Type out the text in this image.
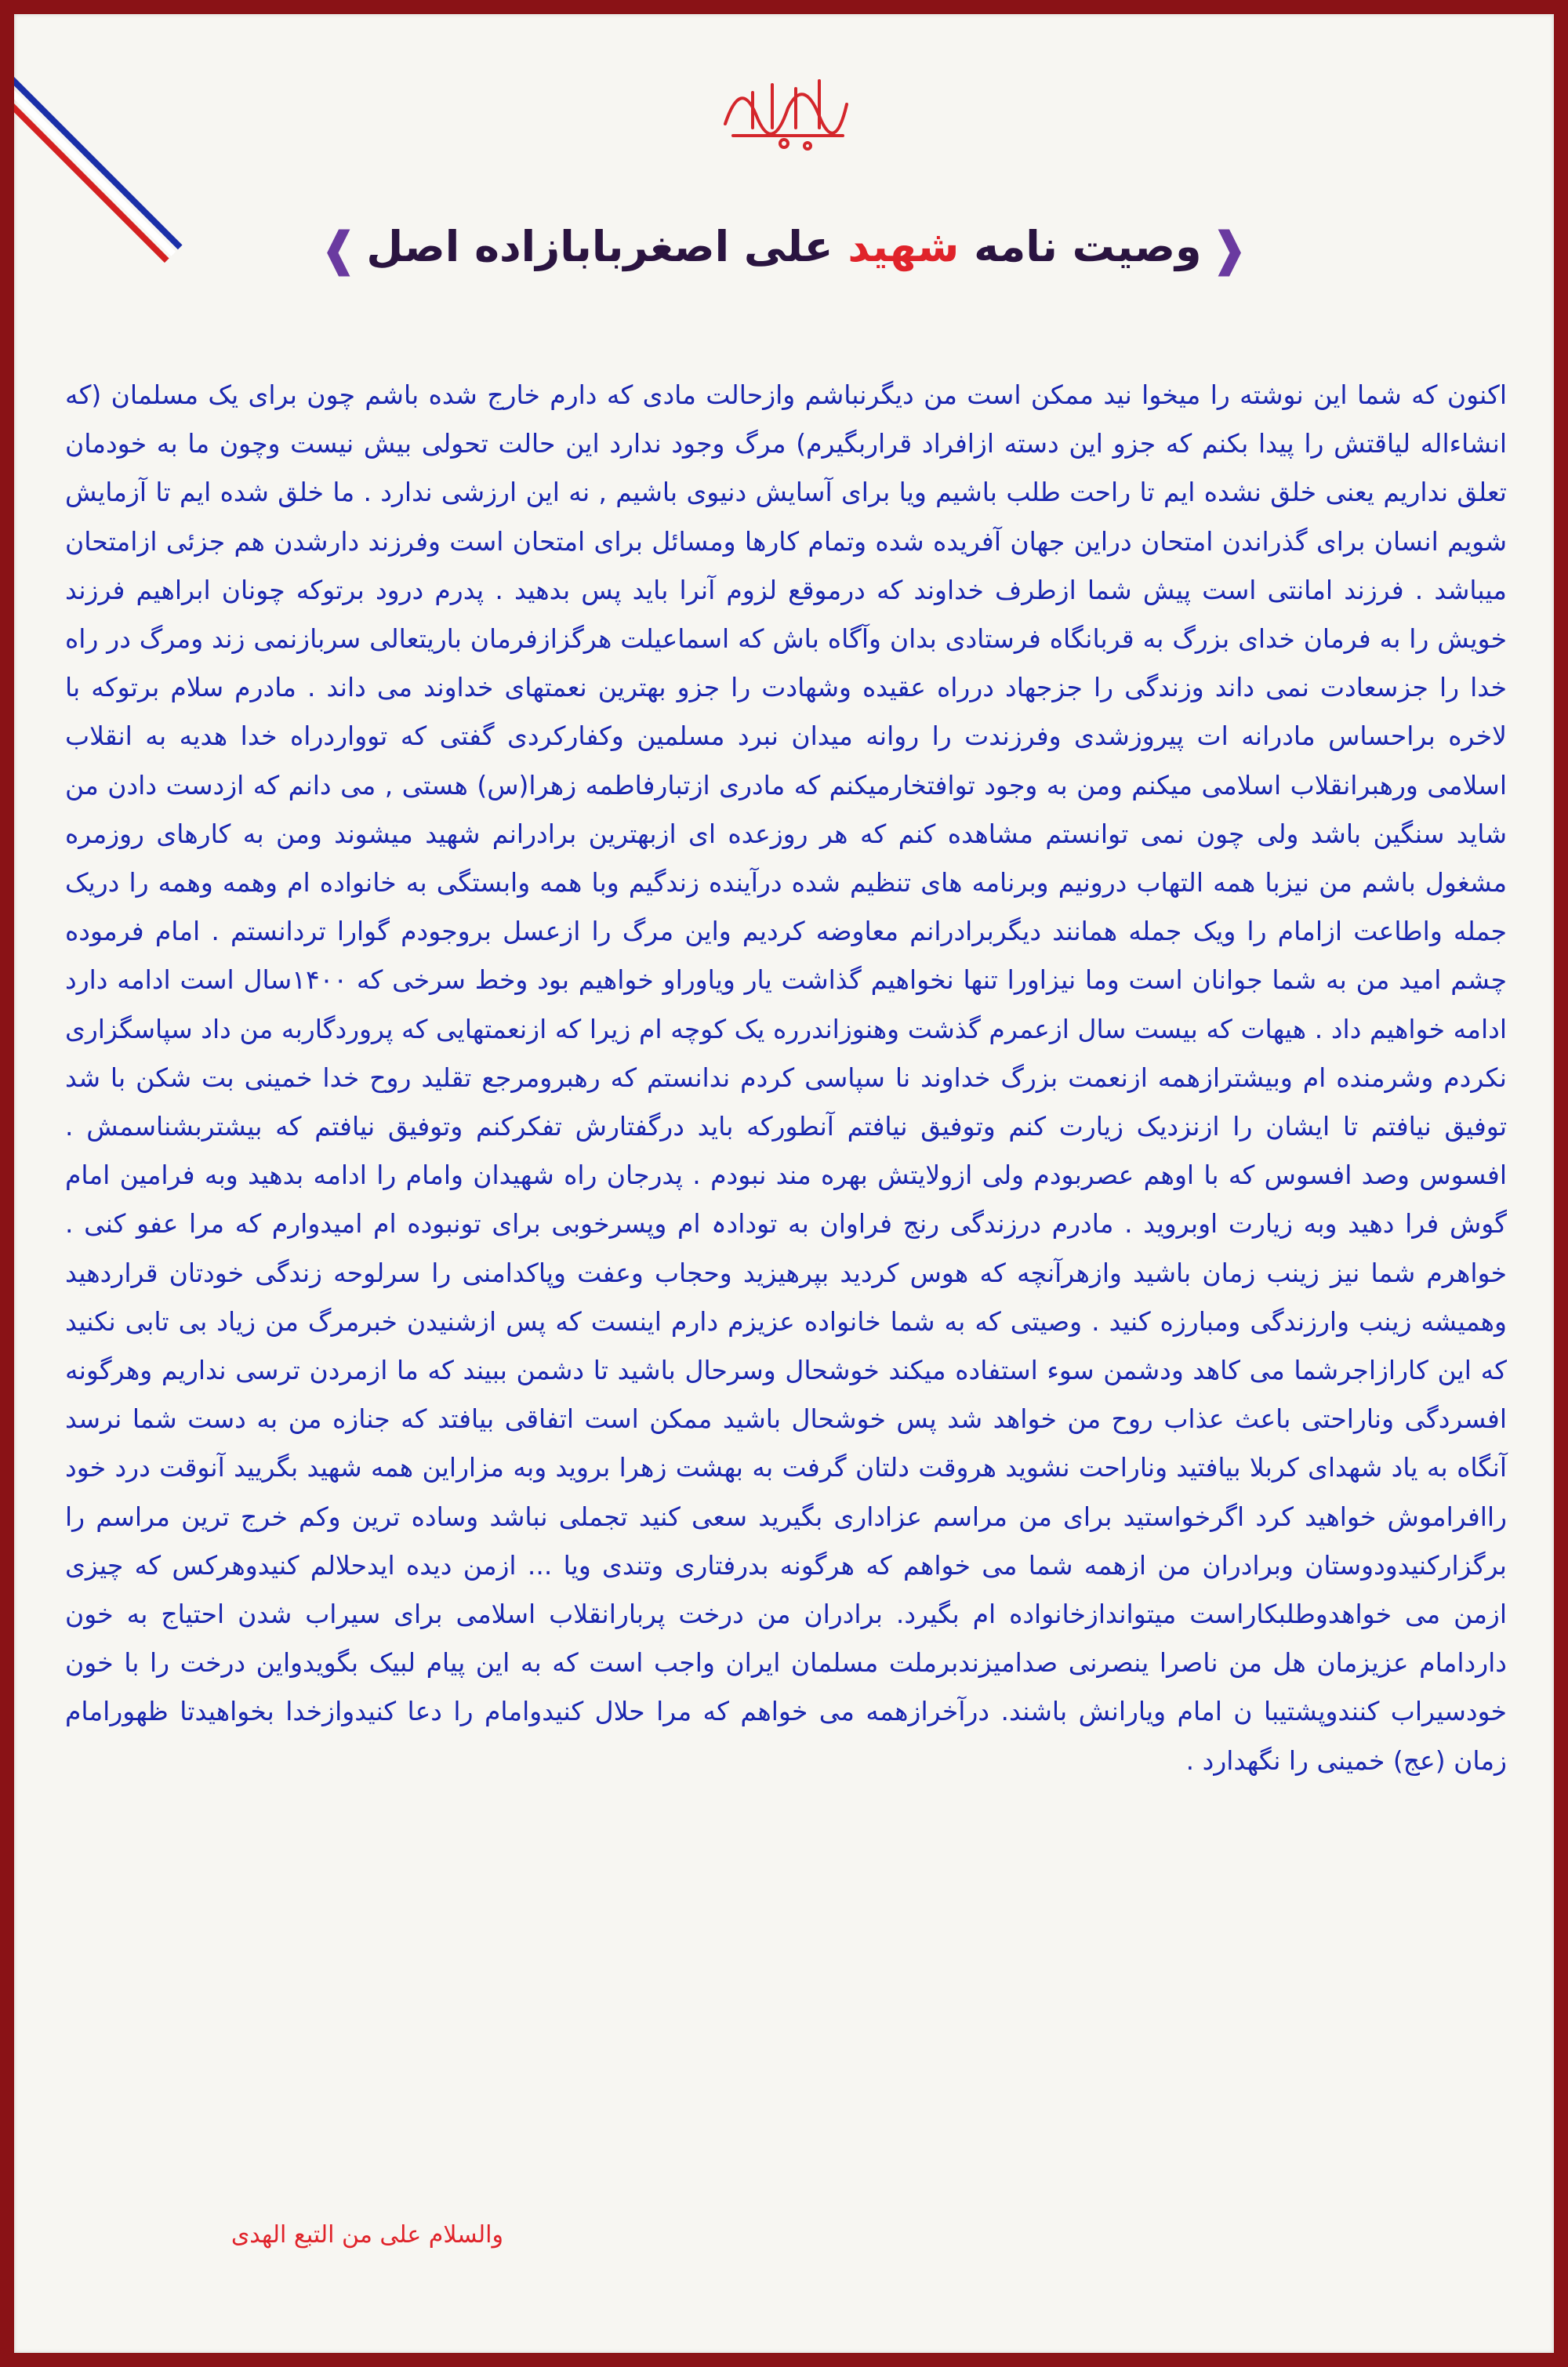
❰وصیت نامه شهید علی اصغربابازاده اصل❱

اکنون که شما این نوشته را میخوا نید ممکن است من دیگرنباشم وازحالت مادی که دارم خارج شده باشم چون برای یک مسلمان (که انشاءاله لیاقتش را پیدا بکنم که جزو این دسته ازافراد قراربگیرم) مرگ وجود ندارد این حالت تحولی بیش نیست وچون ما به خودمان تعلق نداریم یعنی خلق نشده ایم تا راحت طلب باشیم ویا برای آسایش دنیوی باشیم , نه این ارزشی ندارد . ما خلق شده ایم تا آزمایش شویم انسان برای گذراندن امتحان دراین جهان آفریده شده وتمام کارها ومسائل برای امتحان است وفرزند دارشدن هم جزئی ازامتحان میباشد . فرزند امانتی است پیش شما ازطرف خداوند که درموقع لزوم آنرا باید پس بدهید . پدرم درود برتوکه چونان ابراهیم فرزند خویش را به فرمان خدای بزرگ به قربانگاه فرستادی بدان وآگاه باش که اسماعیلت هرگزازفرمان باریتعالی سربازنمی زند ومرگ در راه خدا را جزسعادت نمی داند وزندگی را جزجهاد درراه عقیده وشهادت را جزو بهترین نعمتهای خداوند می داند . مادرم سلام برتوکه با لاخره براحساس مادرانه ات پیروزشدی وفرزندت را روانه میدان نبرد مسلمین وکفارکردی گفتی که توواردراه خدا هدیه به انقلاب اسلامی ورهبرانقلاب اسلامی میکنم ومن به وجود توافتخارمیکنم که مادری ازتبارفاطمه زهرا(س) هستی , می دانم که ازدست دادن من شاید سنگین باشد ولی چون نمی توانستم مشاهده کنم که هر روزعده ای ازبهترین برادرانم شهید میشوند ومن به کارهای روزمره مشغول باشم من نیزبا همه التهاب درونیم وبرنامه های تنظیم شده درآینده زندگیم وبا همه وابستگی به خانواده ام وهمه وهمه را دریک جمله واطاعت ازامام را ویک جمله همانند دیگربرادرانم معاوضه کردیم واین مرگ را ازعسل بروجودم گوارا تردانستم . امام فرموده چشم امید من به شما جوانان است وما نیزاورا تنها نخواهیم گذاشت یار ویاوراو خواهیم بود وخط سرخی که ۱۴۰۰سال است ادامه دارد ادامه خواهیم داد . هیهات که بیست سال ازعمرم گذشت وهنوزاندرره یک کوچه ام زیرا که ازنعمتهایی که پروردگاربه من داد سپاسگزاری نکردم وشرمنده ام وبیشترازهمه ازنعمت بزرگ خداوند نا سپاسی کردم ندانستم که رهبرومرجع تقلید روح خدا خمینی بت شکن با شد توفیق نیافتم تا ایشان را ازنزدیک زیارت کنم وتوفیق نیافتم آنطورکه باید درگفتارش تفکرکنم وتوفیق نیافتم که بیشتربشناسمش . افسوس وصد افسوس که با اوهم عصربودم ولی ازولایتش بهره مند نبودم . پدرجان راه شهیدان وامام را ادامه بدهید وبه فرامین امام گوش فرا دهید وبه زیارت اوبروید . مادرم درزندگی رنج فراوان به تودادہ ام وپسرخوبی برای تونبوده ام امیدوارم که مرا عفو کنی . خواهرم شما نیز زینب زمان باشید وازهرآنچه که هوس کردید بپرهیزید وحجاب وعفت وپاکدامنی را سرلوحه زندگی خودتان قراردهید وهمیشه زینب وارزندگی ومبارزه کنید . وصیتی که به شما خانواده عزیزم دارم اینست که پس ازشنیدن خبرمرگ من زیاد بی تابی نکنید که این کارازاجرشما می کاهد ودشمن سوء استفاده میکند خوشحال وسرحال باشید تا دشمن ببیند که ما ازمردن ترسی نداریم وهرگونه افسردگی وناراحتی باعث عذاب روح من خواهد شد پس خوشحال باشید ممکن است اتفاقی بیافتد که جنازه من به دست شما نرسد آنگاه به یاد شهدای کربلا بیافتید وناراحت نشوید هروقت دلتان گرفت به بهشت زهرا بروید وبه مزاراین همه شهید بگریید آنوقت درد خود راافراموش خواهید کرد اگرخواستید برای من مراسم عزاداری بگیرید سعی کنید تجملی نباشد وساده ترین وکم خرج ترین مراسم را برگزارکنیدودوستان وبرادران من ازهمه شما می خواهم که هرگونه بدرفتاری وتندی ویا ... ازمن دیده ایدحلالم کنیدوهرکس که چیزی ازمن می خواهدوطلبکاراست میتواندازخانواده ام بگیرد. برادران من درخت پربارانقلاب اسلامی برای سیراب شدن احتیاج به خون داردامام عزیزمان هل من ناصرا ینصرنی صدامیزندبرملت مسلمان ایران واجب است که به این پیام لبیک بگویدواین درخت را با خون خودسیراب کنندوپشتیبا ن امام ویارانش باشند. درآخرازهمه می خواهم که مرا حلال کنیدوامام را دعا کنیدوازخدا بخواهیدتا ظهورامام زمان (عج) خمینی را نگهدارد .

والسلام علی من التبع الهدی
